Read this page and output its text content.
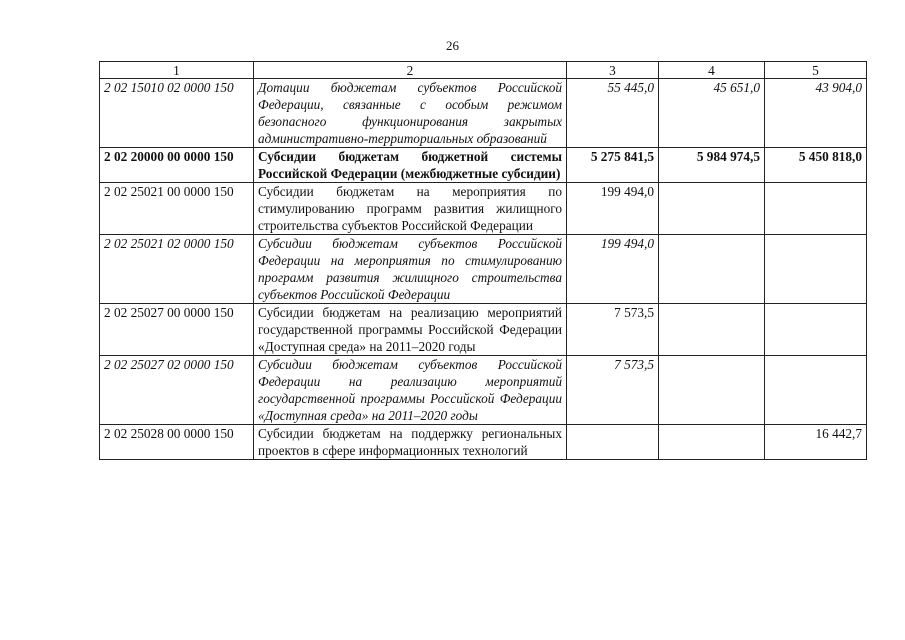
26
1	2	3	4	5
2 02 15010 02 0000 150	Дотации бюджетам субъектов Российской Федерации, связанные с особым режимом безопасного функционирования закрытых административно-территориальных образований	55 445,0	45 651,0	43 904,0
2 02 20000 00 0000 150	Субсидии бюджетам бюджетной системы Российской Федерации (межбюджетные субсидии)	5 275 841,5	5 984 974,5	5 450 818,0
2 02 25021 00 0000 150	Субсидии бюджетам на мероприятия по стимулированию программ развития жилищного строительства субъектов Российской Федерации	199 494,0		
2 02 25021 02 0000 150	Субсидии бюджетам субъектов Российской Федерации на мероприятия по стимулированию программ развития жилищного строительства субъектов Российской Федерации	199 494,0		
2 02 25027 00 0000 150	Субсидии бюджетам на реализацию мероприятий государственной программы Российской Федерации «Доступная среда» на 2011–2020 годы	7 573,5		
2 02 25027 02 0000 150	Субсидии бюджетам субъектов Российской Федерации на реализацию мероприятий государственной программы Российской Федерации «Доступная среда» на 2011–2020 годы	7 573,5		
2 02 25028 00 0000 150	Субсидии бюджетам на поддержку региональных проектов в сфере информационных технологий			16 442,7
